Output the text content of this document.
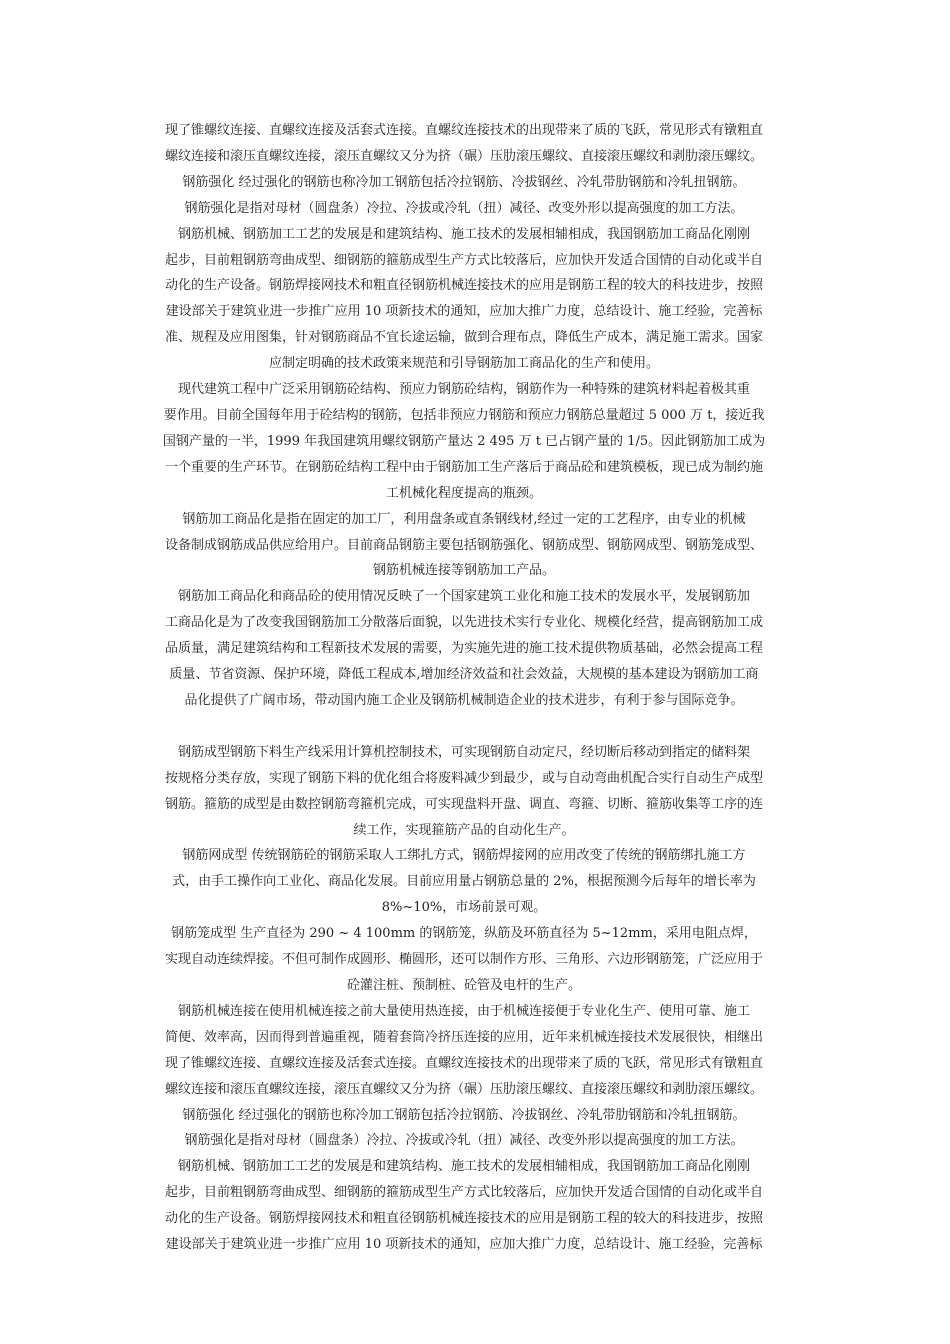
现了锥螺纹连接、直螺纹连接及活套式连接。直螺纹连接技术的出现带来了质的飞跃，常见形式有镦粗直
螺纹连接和滚压直螺纹连接，滚压直螺纹又分为挤（碾）压肋滚压螺纹、直接滚压螺纹和剥肋滚压螺纹。
钢筋强化 经过强化的钢筋也称冷加工钢筋包括冷拉钢筋、冷拔钢丝、冷轧带肋钢筋和冷轧扭钢筋。
钢筋强化是指对母材（圆盘条）冷拉、冷拔或冷轧（扭）减径、改变外形以提高强度的加工方法。
钢筋机械、钢筋加工工艺的发展是和建筑结构、施工技术的发展相辅相成，我国钢筋加工商品化刚刚
起步，目前粗钢筋弯曲成型、细钢筋的箍筋成型生产方式比较落后，应加快开发适合国情的自动化或半自
动化的生产设备。钢筋焊接网技术和粗直径钢筋机械连接技术的应用是钢筋工程的较大的科技进步，按照
建设部关于建筑业进一步推广应用 10 项新技术的通知，应加大推广力度，总结设计、施工经验，完善标
准、规程及应用图集，针对钢筋商品不宜长途运输，做到合理布点，降低生产成本，满足施工需求。国家
应制定明确的技术政策来规范和引导钢筋加工商品化的生产和使用。
现代建筑工程中广泛采用钢筋砼结构、预应力钢筋砼结构，钢筋作为一种特殊的建筑材料起着极其重
要作用。目前全国每年用于砼结构的钢筋，包括非预应力钢筋和预应力钢筋总量超过 5 000 万 t，接近我
国钢产量的一半，1999 年我国建筑用螺纹钢筋产量达 2 495 万 t 已占钢产量的 1/5。因此钢筋加工成为
一个重要的生产环节。在钢筋砼结构工程中由于钢筋加工生产落后于商品砼和建筑模板，现已成为制约施
工机械化程度提高的瓶颈。
钢筋加工商品化是指在固定的加工厂，利用盘条或直条钢线材,经过一定的工艺程序，由专业的机械
设备制成钢筋成品供应给用户。目前商品钢筋主要包括钢筋强化、钢筋成型、钢筋网成型、钢筋笼成型、
钢筋机械连接等钢筋加工产品。
钢筋加工商品化和商品砼的使用情况反映了一个国家建筑工业化和施工技术的发展水平，发展钢筋加
工商品化是为了改变我国钢筋加工分散落后面貌，以先进技术实行专业化、规模化经营，提高钢筋加工成
品质量，满足建筑结构和工程新技术发展的需要，为实施先进的施工技术提供物质基础，必然会提高工程
质量、节省资源、保护环境，降低工程成本,增加经济效益和社会效益，大规模的基本建设为钢筋加工商
品化提供了广阔市场，带动国内施工企业及钢筋机械制造企业的技术进步，有利于参与国际竞争。
钢筋成型钢筋下料生产线采用计算机控制技术，可实现钢筋自动定尺，经切断后移动到指定的储料架
按规格分类存放，实现了钢筋下料的优化组合将废料减少到最少，或与自动弯曲机配合实行自动生产成型
钢筋。箍筋的成型是由数控钢筋弯箍机完成，可实现盘料开盘、调直、弯箍、切断、箍筋收集等工序的连
续工作，实现箍筋产品的自动化生产。
钢筋网成型 传统钢筋砼的钢筋采取人工绑扎方式，钢筋焊接网的应用改变了传统的钢筋绑扎施工方
式，由手工操作向工业化、商品化发展。目前应用量占钢筋总量的 2%，根据预测今后每年的增长率为
8%~10%，市场前景可观。
钢筋笼成型 生产直径为 290 ~ 4 100mm 的钢筋笼，纵筋及环筋直径为 5~12mm，采用电阻点焊，
实现自动连续焊接。不但可制作成圆形、椭圆形，还可以制作方形、三角形、六边形钢筋笼，广泛应用于
砼灌注桩、预制桩、砼管及电杆的生产。
钢筋机械连接在使用机械连接之前大量使用热连接，由于机械连接便于专业化生产、使用可靠、施工
简便、效率高，因而得到普遍重视，随着套筒冷挤压连接的应用，近年来机械连接技术发展很快，相继出
现了锥螺纹连接、直螺纹连接及活套式连接。直螺纹连接技术的出现带来了质的飞跃，常见形式有镦粗直
螺纹连接和滚压直螺纹连接，滚压直螺纹又分为挤（碾）压肋滚压螺纹、直接滚压螺纹和剥肋滚压螺纹。
钢筋强化 经过强化的钢筋也称冷加工钢筋包括冷拉钢筋、冷拔钢丝、冷轧带肋钢筋和冷轧扭钢筋。
钢筋强化是指对母材（圆盘条）冷拉、冷拔或冷轧（扭）减径、改变外形以提高强度的加工方法。
钢筋机械、钢筋加工工艺的发展是和建筑结构、施工技术的发展相辅相成，我国钢筋加工商品化刚刚
起步，目前粗钢筋弯曲成型、细钢筋的箍筋成型生产方式比较落后，应加快开发适合国情的自动化或半自
动化的生产设备。钢筋焊接网技术和粗直径钢筋机械连接技术的应用是钢筋工程的较大的科技进步，按照
建设部关于建筑业进一步推广应用 10 项新技术的通知，应加大推广力度，总结设计、施工经验，完善标
